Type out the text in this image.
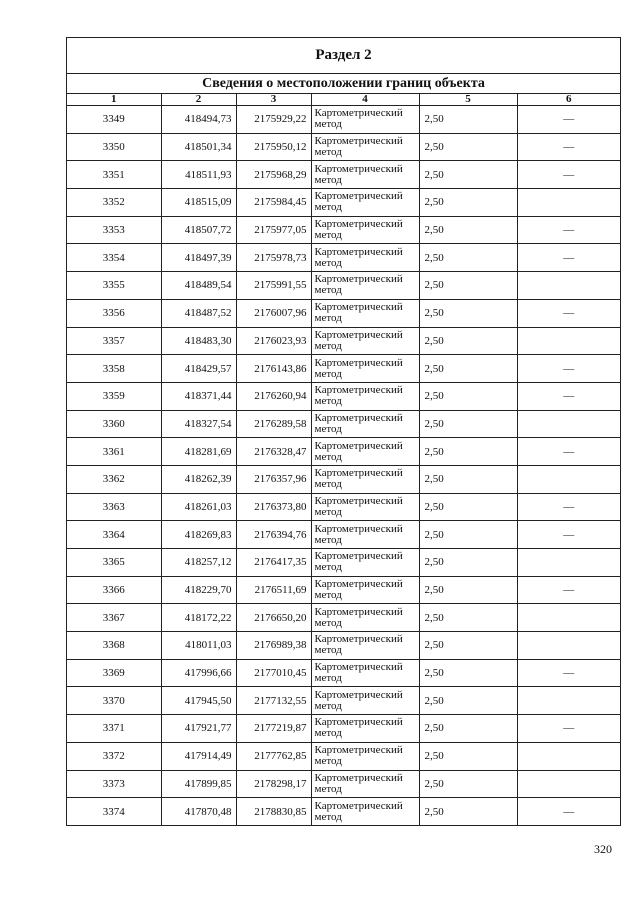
Раздел 2
Сведения о местоположении границ объекта
1	2	3	4	5	6
3349	418494,73	2175929,22	Картометрический метод	2,50	—
3350	418501,34	2175950,12	Картометрический метод	2,50	—
3351	418511,93	2175968,29	Картометрический метод	2,50	—
3352	418515,09	2175984,45	Картометрический метод	2,50	
3353	418507,72	2175977,05	Картометрический метод	2,50	—
3354	418497,39	2175978,73	Картометрический метод	2,50	—
3355	418489,54	2175991,55	Картометрический метод	2,50	
3356	418487,52	2176007,96	Картометрический метод	2,50	—
3357	418483,30	2176023,93	Картометрический метод	2,50	
3358	418429,57	2176143,86	Картометрический метод	2,50	—
3359	418371,44	2176260,94	Картометрический метод	2,50	—
3360	418327,54	2176289,58	Картометрический метод	2,50	
3361	418281,69	2176328,47	Картометрический метод	2,50	—
3362	418262,39	2176357,96	Картометрический метод	2,50	
3363	418261,03	2176373,80	Картометрический метод	2,50	—
3364	418269,83	2176394,76	Картометрический метод	2,50	—
3365	418257,12	2176417,35	Картометрический метод	2,50	
3366	418229,70	2176511,69	Картометрический метод	2,50	—
3367	418172,22	2176650,20	Картометрический метод	2,50	
3368	418011,03	2176989,38	Картометрический метод	2,50	
3369	417996,66	2177010,45	Картометрический метод	2,50	—
3370	417945,50	2177132,55	Картометрический метод	2,50	
3371	417921,77	2177219,87	Картометрический метод	2,50	—
3372	417914,49	2177762,85	Картометрический метод	2,50	
3373	417899,85	2178298,17	Картометрический метод	2,50	
3374	417870,48	2178830,85	Картометрический метод	2,50	—
320
